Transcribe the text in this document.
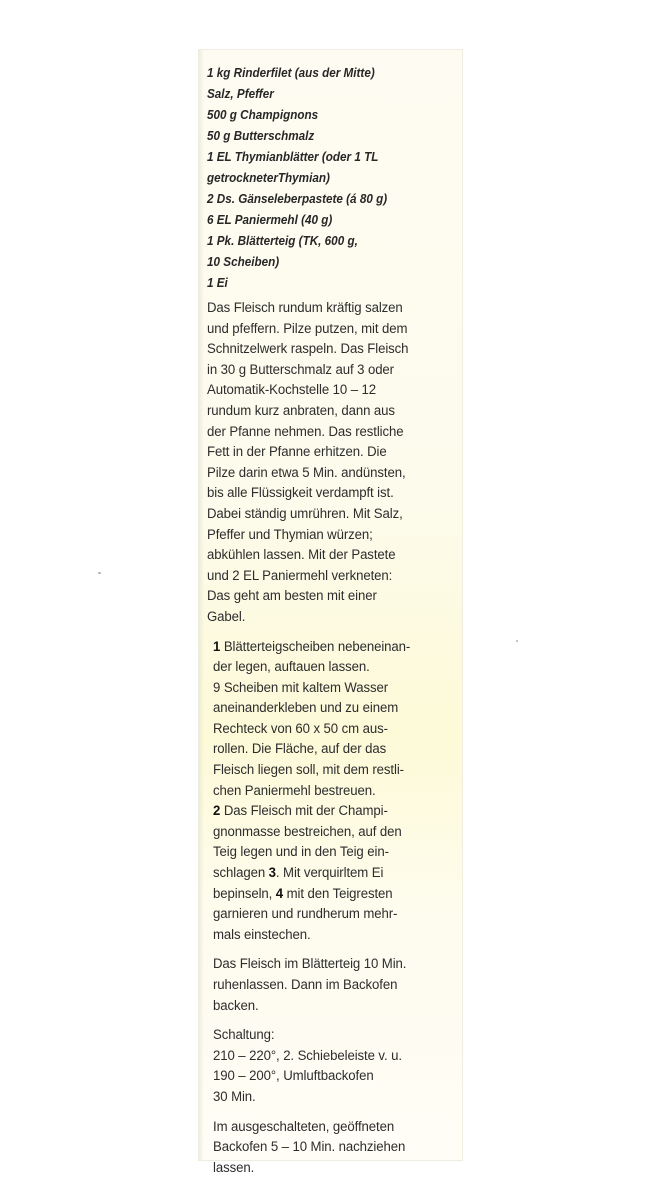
1 kg Rinderfilet (aus der Mitte)
Salz, Pfeffer
500 g Champignons
50 g Butterschmalz
1 EL Thymianblätter (oder 1 TL
getrockneterThymian)
2 Ds. Gänseleberpastete (á 80 g)
6 EL Paniermehl (40 g)
1 Pk. Blätterteig (TK, 600 g,
10 Scheiben)
1 Ei
Das Fleisch rundum kräftig salzen
und pfeffern. Pilze putzen, mit dem
Schnitzelwerk raspeln. Das Fleisch
in 30 g Butterschmalz auf 3 oder
Automatik-Kochstelle 10 – 12
rundum kurz anbraten, dann aus
der Pfanne nehmen. Das restliche
Fett in der Pfanne erhitzen. Die
Pilze darin etwa 5 Min. andünsten,
bis alle Flüssigkeit verdampft ist.
Dabei ständig umrühren. Mit Salz,
Pfeffer und Thymian würzen;
abkühlen lassen. Mit der Pastete
und 2 EL Paniermehl verkneten:
Das geht am besten mit einer
Gabel.
1 Blätterteigscheiben nebeneinan-
der legen, auftauen lassen.
9 Scheiben mit kaltem Wasser
aneinanderkleben und zu einem
Rechteck von 60 x 50 cm aus-
rollen. Die Fläche, auf der das
Fleisch liegen soll, mit dem restli-
chen Paniermehl bestreuen.
2 Das Fleisch mit der Champi-
gnonmasse bestreichen, auf den
Teig legen und in den Teig ein-
schlagen 3. Mit verquirltem Ei
bepinseln, 4 mit den Teigresten
garnieren und rundherum mehr-
mals einstechen.
Das Fleisch im Blätterteig 10 Min.
ruhenlassen. Dann im Backofen
backen.
Schaltung:
210 – 220°, 2. Schiebeleiste v. u.
190 – 200°, Umluftbackofen
30 Min.
Im ausgeschalteten, geöffneten
Backofen 5 – 10 Min. nachziehen
lassen.
